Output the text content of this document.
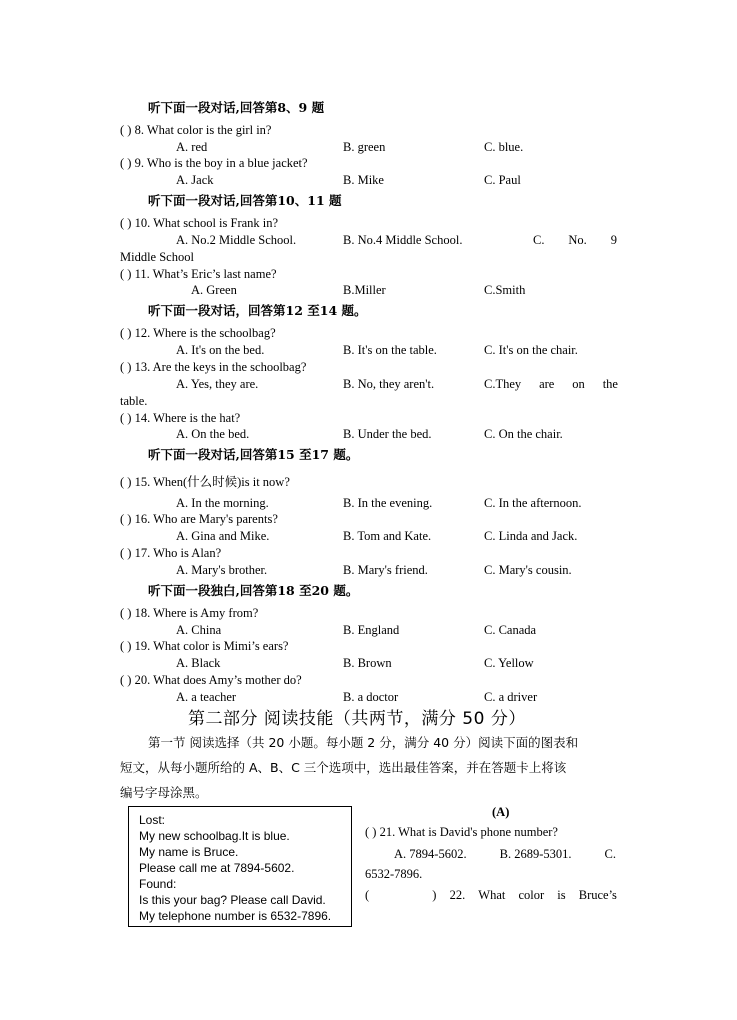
听下面一段对话,回答第8、9 题
( ) 8. What color is the girl in?
A. red	B. green	C. blue.
( ) 9. Who is the boy in a blue jacket?
A. Jack	B. Mike	C. Paul
听下面一段对话,回答第10、11 题
( ) 10. What school is Frank in?
A. No.2 Middle School.	B. No.4 Middle School.	C. No. 9
Middle School
( ) 11. What’s Eric’s last name?
A. Green	B.Miller	C.Smith
听下面一段对话，回答第12 至14 题。
( ) 12. Where is the schoolbag?
A. It's on the bed.	B. It's on the table.	C. It's on the chair.
( ) 13. Are the keys in the schoolbag?
A. Yes, they are.	B. No, they aren't.	C.They are on the
table.
( ) 14. Where is the hat?
A. On the bed.	B. Under the bed.	C. On the chair.
听下面一段对话,回答第15 至17 题。
( ) 15. When(什么时候)is it now?
A. In the morning.	B. In the evening.	C. In the afternoon.
( ) 16. Who are Mary's parents?
A. Gina and Mike.	B. Tom and Kate.	C. Linda and Jack.
( ) 17. Who is Alan?
A. Mary's brother.	B. Mary's friend.	C. Mary's cousin.
听下面一段独白,回答第18 至20 题。
( ) 18. Where is Amy from?
A. China	B. England	C. Canada
( ) 19. What color is Mimi’s ears?
A. Black	B. Brown	C. Yellow
( ) 20. What does Amy’s mother do?
A. a teacher	B. a doctor	C. a driver
第二部分 阅读技能（共两节，满分 50 分）
第一节 阅读选择（共 20 小题。每小题 2 分，满分 40 分）阅读下面的图表和
短文，从每小题所给的 A、B、C 三个选项中，选出最佳答案，并在答题卡上将该
编号字母涂黑。
Lost:
My new schoolbag.It is blue.
My name is Bruce.
Please call me at 7894-5602.
Found:
Is this your bag? Please call David.
My telephone number is 6532-7896.
(A)
( ) 21. What is David's phone number?
A. 7894-5602.	B. 2689-5301.	C.
6532-7896.
(	) 22. What color is Bruce’s
